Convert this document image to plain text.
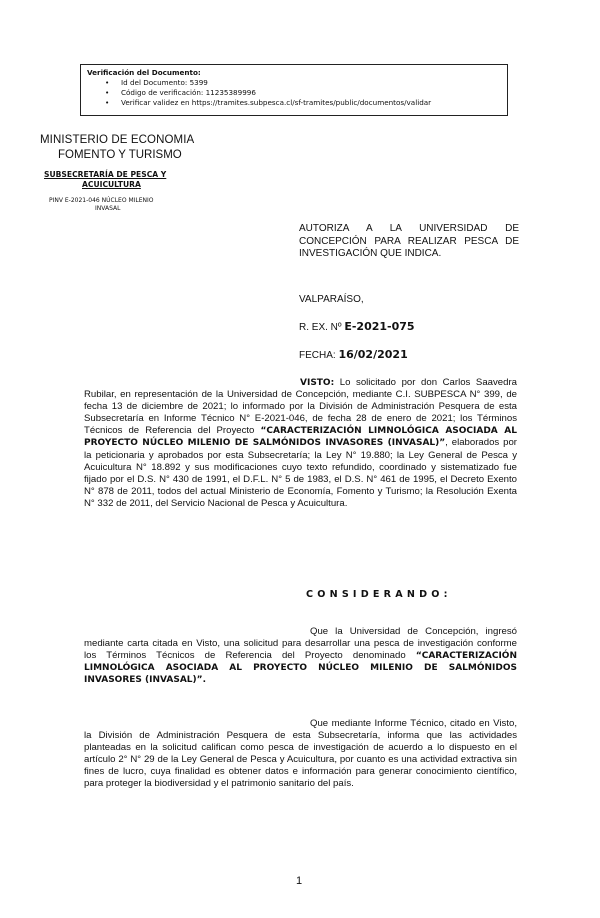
Verificación del Documento:
• Id del Documento: 5399
• Código de verificación: 11235389996
• Verificar validez en https://tramites.subpesca.cl/sf-tramites/public/documentos/validar
MINISTERIO DE ECONOMIA
FOMENTO Y TURISMO
SUBSECRETARÍA DE PESCA Y
ACUICULTURA
PINV E-2021-046 NÚCLEO MILENIO
INVASAL
AUTORIZA A LA UNIVERSIDAD DE CONCEPCIÓN PARA REALIZAR PESCA DE INVESTIGACIÓN QUE INDICA.
VALPARAÍSO,
R. EX. Nº E-2021-075
FECHA: 16/02/2021
VISTO: Lo solicitado por don Carlos Saavedra Rubilar, en representación de la Universidad de Concepción, mediante C.I. SUBPESCA N° 399, de fecha 13 de diciembre de 2021; lo informado por la División de Administración Pesquera de esta Subsecretaría en Informe Técnico N° E-2021-046, de fecha 28 de enero de 2021; los Términos Técnicos de Referencia del Proyecto “CARACTERIZACIÓN LIMNOLÓGICA ASOCIADA AL PROYECTO NÚCLEO MILENIO DE SALMÓNIDOS INVASORES (INVASAL)”, elaborados por la peticionaria y aprobados por esta Subsecretaría; la Ley N° 19.880; la Ley General de Pesca y Acuicultura N° 18.892 y sus modificaciones cuyo texto refundido, coordinado y sistematizado fue fijado por el D.S. N° 430 de 1991, el D.F.L. N° 5 de 1983, el D.S. N° 461 de 1995, el Decreto Exento N° 878 de 2011, todos del actual Ministerio de Economía, Fomento y Turismo; la Resolución Exenta N° 332 de 2011, del Servicio Nacional de Pesca y Acuicultura.
CONSIDERANDO:
Que la Universidad de Concepción, ingresó mediante carta citada en Visto, una solicitud para desarrollar una pesca de investigación conforme los Términos Técnicos de Referencia del Proyecto denominado “CARACTERIZACIÓN LIMNOLÓGICA ASOCIADA AL PROYECTO NÚCLEO MILENIO DE SALMÓNIDOS INVASORES (INVASAL)”.
Que mediante Informe Técnico, citado en Visto, la División de Administración Pesquera de esta Subsecretaría, informa que las actividades planteadas en la solicitud califican como pesca de investigación de acuerdo a lo dispuesto en el artículo 2° N° 29 de la Ley General de Pesca y Acuicultura, por cuanto es una actividad extractiva sin fines de lucro, cuya finalidad es obtener datos e información para generar conocimiento científico, para proteger la biodiversidad y el patrimonio sanitario del país.
1
